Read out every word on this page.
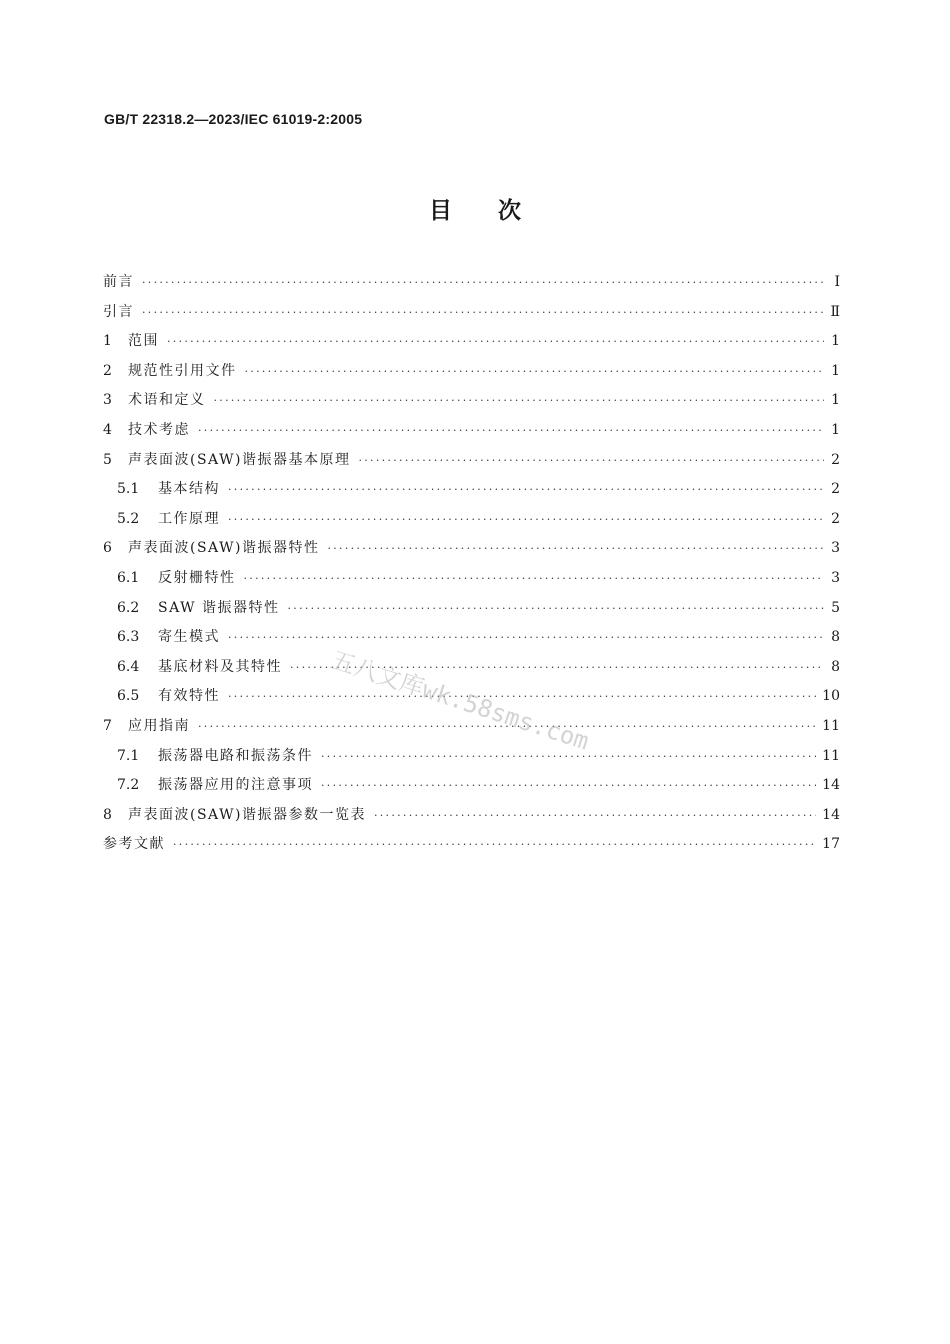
GB/T 22318.2—2023/IEC 61019-2:2005
目次
前言 ·····	Ⅰ
引言 ·····	Ⅱ
1	范围 ·····	1
2	规范性引用文件 ·····	1
3	术语和定义 ·····	1
4	技术考虑 ·····	1
5	声表面波(SAW)谐振器基本原理 ·····	2
5.1	基本结构 ·····	2
5.2	工作原理 ·····	2
6	声表面波(SAW)谐振器特性 ·····	3
6.1	反射栅特性 ·····	3
6.2	SAW 谐振器特性 ·····	5
6.3	寄生模式 ·····	8
6.4	基底材料及其特性 ·····	8
6.5	有效特性 ·····	10
7	应用指南 ·····	11
7.1	振荡器电路和振荡条件 ·····	11
7.2	振荡器应用的注意事项 ·····	14
8	声表面波(SAW)谐振器参数一览表 ·····	14
参考文献 ·····	17
五八文库wk.58sms.com
